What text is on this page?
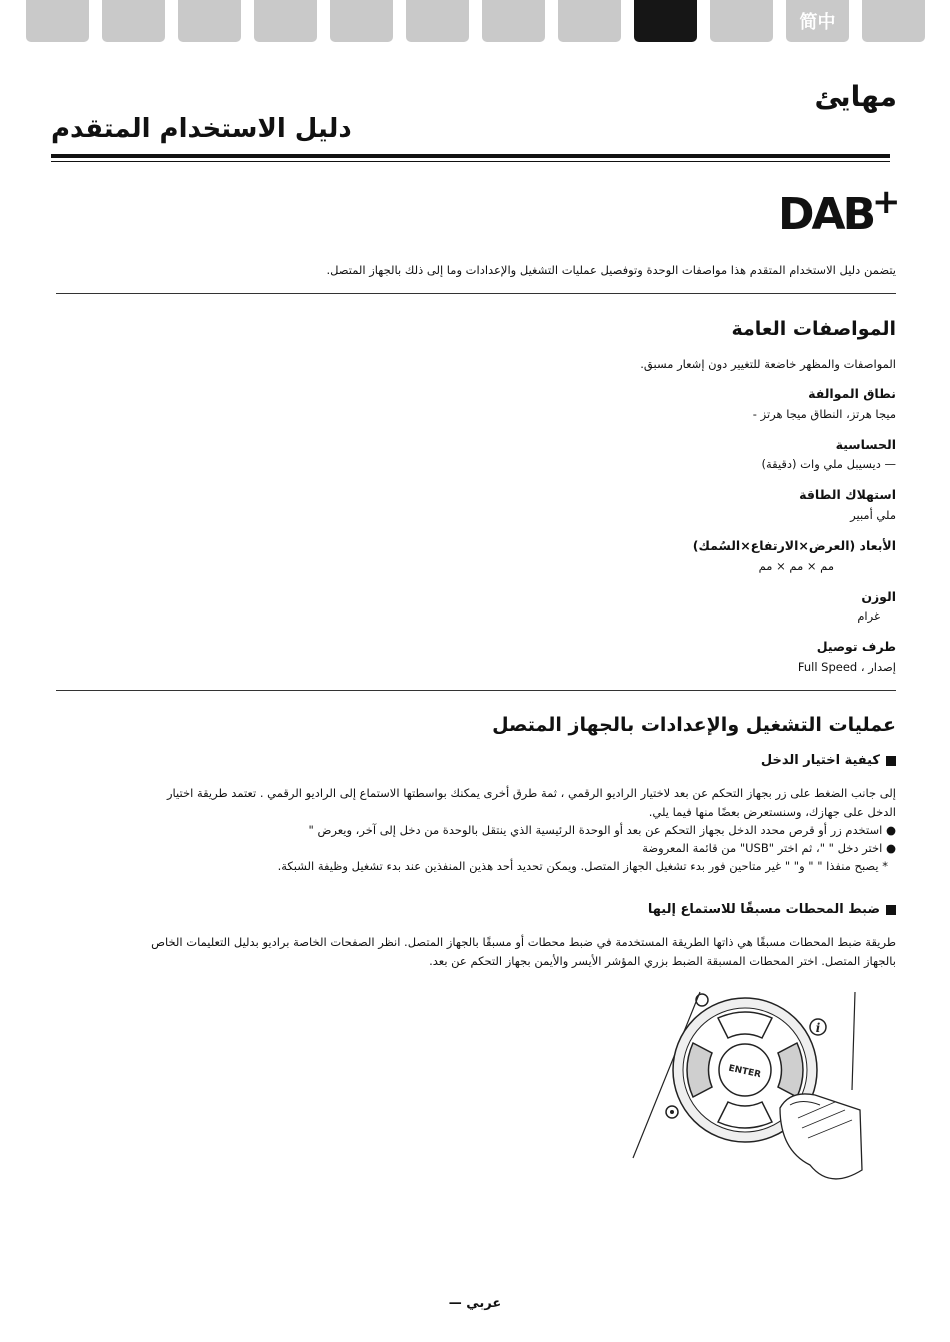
简中
مهايئ
دليل الاستخدام المتقدم
DAB
+
يتضمن دليل الاستخدام المتقدم هذا مواصفات الوحدة وتوفصيل عمليات التشغيل والإعدادات وما إلى ذلك بالجهاز المتصل.
المواصفات العامة
المواصفات والمظهر خاضعة للتغيير دون إشعار مسبق.
نطاق الموالفة
ميجا هرتز، النطاق ميجا هرتز -
الحساسية
— ديسيبل ملي وات (دقيقة)
استهلاك الطاقة
ملي أمبير
الأبعاد (العرض×الارتفاع×السُمك)
مم × مم × مم
الوزن
غرام
طرف توصيل
إصدار ، Full Speed
عمليات التشغيل والإعدادات بالجهاز المتصل
كيفية اختيار الدخل
إلى جانب الضغط على زر بجهاز التحكم عن بعد لاختيار الراديو الرقمي ، ثمة طرق أخرى يمكنك بواسطتها الاستماع إلى الراديو الرقمي . تعتمد طريقة اختيار
الدخل على جهازك، وسنستعرض بعضًا منها فيما يلي.
● استخدم زر أو قرص محدد الدخل بجهاز التحكم عن بعد أو الوحدة الرئيسية الذي ينتقل بالوحدة من دخل إلى آخر، ويعرض "
● اختر دخل " "، ثم اختر "USB" من قائمة المعروضة
* يصبح منفذا " " و" " غير متاحين فور بدء تشغيل الجهاز المتصل. ويمكن تحديد أحد هذين المنفذين عند بدء تشغيل وظيفة الشبكة.
ضبط المحطات مسبقًا للاستماع إليها
طريقة ضبط المحطات مسبقًا هي ذاتها الطريقة المستخدمة في ضبط محطات أو مسبقًا بالجهاز المتصل. انظر الصفحات الخاصة براديو بدليل التعليمات الخاص
بالجهاز المتصل. اختر المحطات المسبقة الضبط بزري المؤشر الأيسر والأيمن بجهاز التحكم عن بعد.
i
ENTER
عربي —
